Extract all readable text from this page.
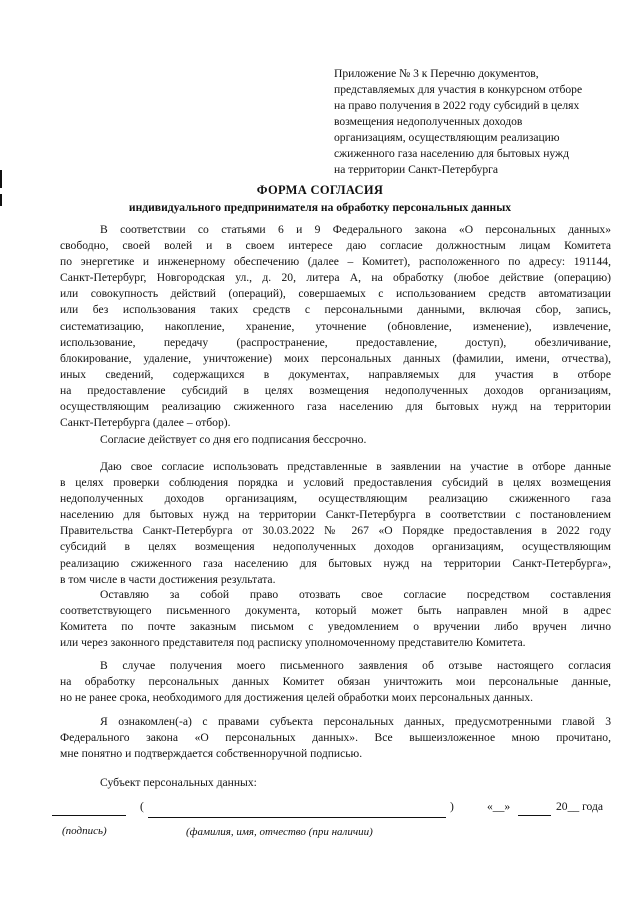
Приложение № 3 к Перечню документов,
представляемых для участия в конкурсном отборе
на право получения в 2022 году субсидий в целях
возмещения недополученных доходов
организациям, осуществляющим реализацию
сжиженного газа населению для бытовых нужд
на территории Санкт-Петербурга
ФОРМА СОГЛАСИЯ
индивидуального предпринимателя на обработку персональных данных
В соответствии со статьями 6 и 9 Федерального закона «О персональных данных»
свободно, своей волей и в своем интересе даю согласие должностным лицам Комитета
по энергетике и инженерному обеспечению (далее – Комитет), расположенного по адресу: 191144,
Санкт-Петербург, Новгородская ул., д. 20, литера А, на обработку (любое действие (операцию)
или совокупность действий (операций), совершаемых с использованием средств автоматизации
или без использования таких средств с персональными данными, включая сбор, запись,
систематизацию, накопление, хранение, уточнение (обновление, изменение), извлечение,
использование, передачу (распространение, предоставление, доступ), обезличивание,
блокирование, удаление, уничтожение) моих персональных данных (фамилии, имени, отчества),
иных сведений, содержащихся в документах, направляемых для участия в отборе
на предоставление субсидий в целях возмещения недополученных доходов организациям,
осуществляющим реализацию сжиженного газа населению для бытовых нужд на территории
Санкт-Петербурга (далее – отбор).
Согласие действует со дня его подписания бессрочно.
Даю свое согласие использовать представленные в заявлении на участие в отборе данные
в целях проверки соблюдения порядка и условий предоставления субсидий в целях возмещения
недополученных доходов организациям, осуществляющим реализацию сжиженного газа
населению для бытовых нужд на территории Санкт-Петербурга в соответствии с постановлением
Правительства Санкт-Петербурга от 30.03.2022 № 267 «О Порядке предоставления в 2022 году
субсидий в целях возмещения недополученных доходов организациям, осуществляющим
реализацию сжиженного газа населению для бытовых нужд на территории Санкт-Петербурга»,
в том числе в части достижения результата.
Оставляю за собой право отозвать свое согласие посредством составления
соответствующего письменного документа, который может быть направлен мной в адрес
Комитета по почте заказным письмом с уведомлением о вручении либо вручен лично
или через законного представителя под расписку уполномоченному представителю Комитета.
В случае получения моего письменного заявления об отзыве настоящего согласия
на обработку персональных данных Комитет обязан уничтожить мои персональные данные,
но не ранее срока, необходимого для достижения целей обработки моих персональных данных.
Я ознакомлен(-а) с правами субъекта персональных данных, предусмотренными главой 3
Федерального закона «О персональных данных». Все вышеизложенное мною прочитано,
мне понятно и подтверждается собственноручной подписью.
Субъект персональных данных:
(	)	«__»	20__ года
(подпись)	(фамилия, имя, отчество (при наличии)
